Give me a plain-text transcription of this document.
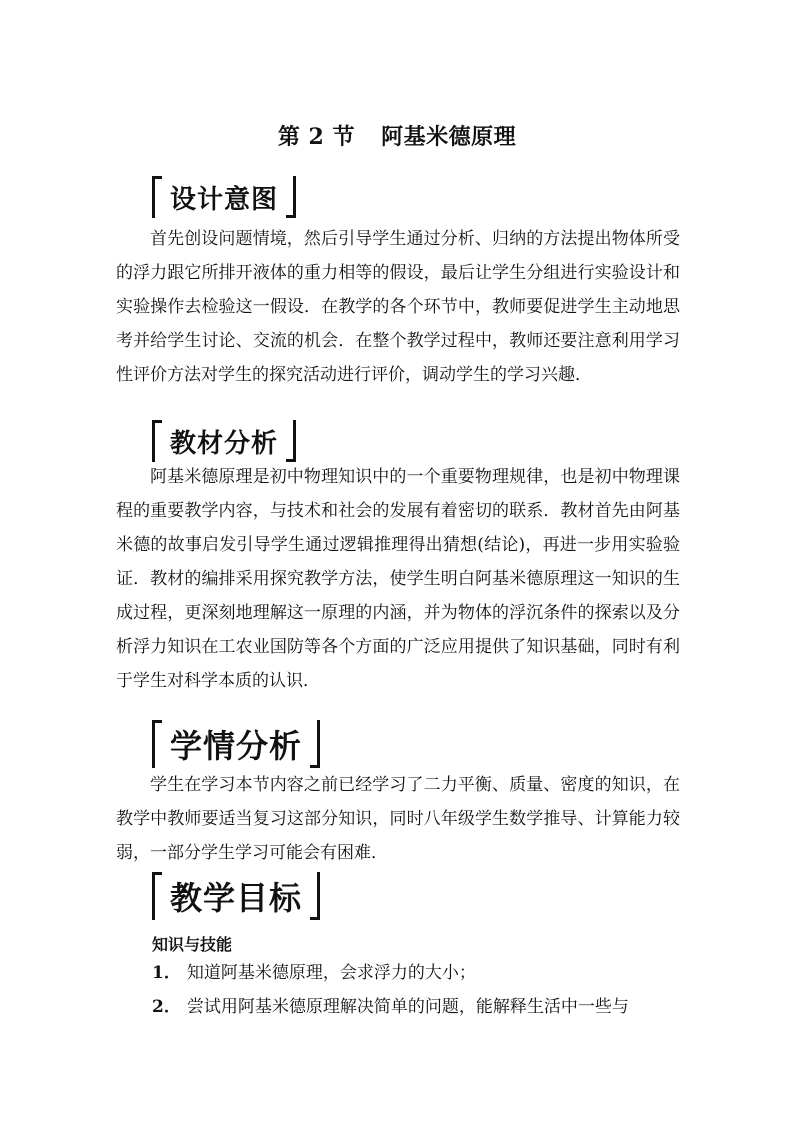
第 2 节 阿基米德原理
设计意图

首先创设问题情境，然后引导学生通过分析、归纳的方法提出物体所受的浮力跟它所排开液体的重力相等的假设，最后让学生分组进行实验设计和实验操作去检验这一假设．在教学的各个环节中，教师要促进学生主动地思考并给学生讨论、交流的机会．在整个教学过程中，教师还要注意利用学习性评价方法对学生的探究活动进行评价，调动学生的学习兴趣．

教材分析

阿基米德原理是初中物理知识中的一个重要物理规律，也是初中物理课程的重要教学内容，与技术和社会的发展有着密切的联系．教材首先由阿基米德的故事启发引导学生通过逻辑推理得出猜想(结论)，再进一步用实验验证．教材的编排采用探究教学方法，使学生明白阿基米德原理这一知识的生成过程，更深刻地理解这一原理的内涵，并为物体的浮沉条件的探索以及分析浮力知识在工农业国防等各个方面的广泛应用提供了知识基础，同时有利于学生对科学本质的认识．

学情分析

学生在学习本节内容之前已经学习了二力平衡、质量、密度的知识，在教学中教师要适当复习这部分知识，同时八年级学生数学推导、计算能力较弱，一部分学生学习可能会有困难．

教学目标
知识与技能

1． 知道阿基米德原理，会求浮力的大小；

2． 尝试用阿基米德原理解决简单的问题，能解释生活中一些与
